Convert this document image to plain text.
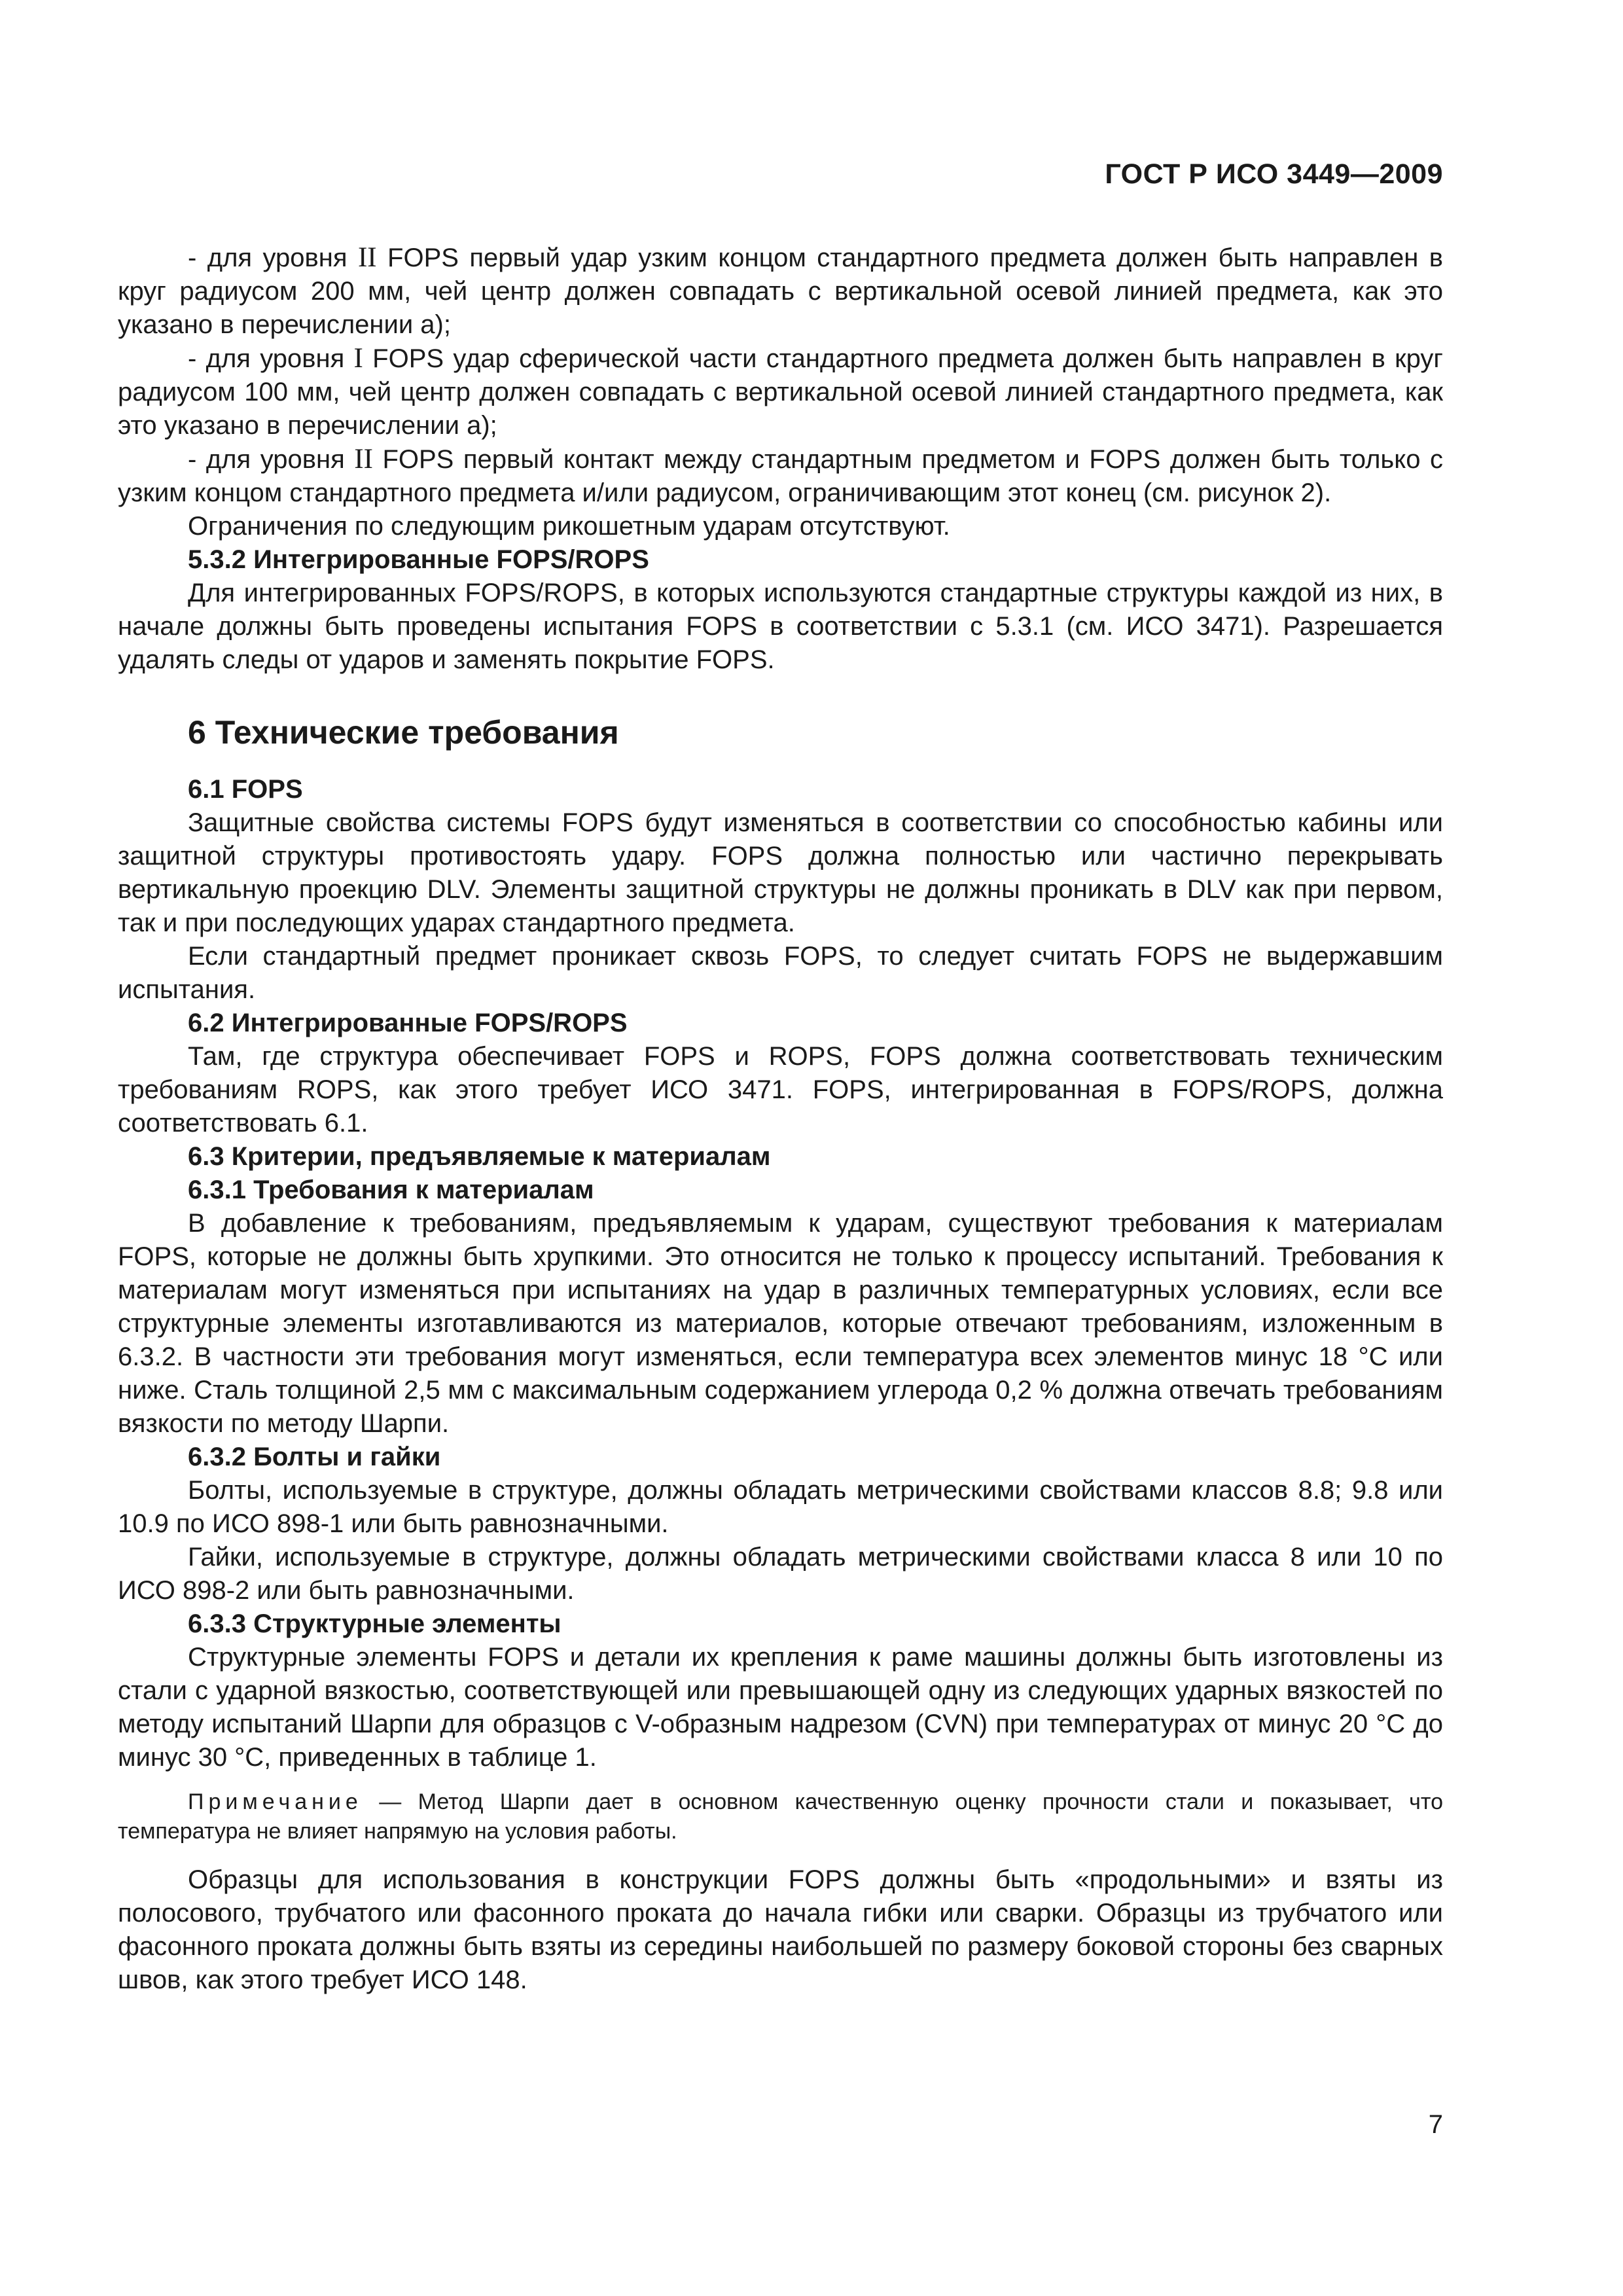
ГОСТ Р ИСО 3449—2009

- для уровня II FOPS первый удар узким концом стандартного предмета должен быть направлен в круг радиусом 200 мм, чей центр должен совпадать с вертикальной осевой линией предмета, как это указано в перечислении а);

- для уровня I FOPS удар сферической части стандартного предмета должен быть направлен в круг радиусом 100 мм, чей центр должен совпадать с вертикальной осевой линией стандартного предмета, как это указано в перечислении а);

- для уровня II FOPS первый контакт между стандартным предметом и FOPS должен быть только с узким концом стандартного предмета и/или радиусом, ограничивающим этот конец (см. рисунок 2).

Ограничения по следующим рикошетным ударам отсутствуют.

5.3.2 Интегрированные FOPS/ROPS

Для интегрированных FOPS/ROPS, в которых используются стандартные структуры каждой из них, в начале должны быть проведены испытания FOPS в соответствии с 5.3.1 (см. ИСО 3471). Разрешается удалять следы от ударов и заменять покрытие FOPS.

6 Технические требования
6.1 FOPS

Защитные свойства системы FOPS будут изменяться в соответствии со способностью кабины или защитной структуры противостоять удару. FOPS должна полностью или частично перекрывать вертикальную проекцию DLV. Элементы защитной структуры не должны проникать в DLV как при первом, так и при последующих ударах стандартного предмета.

Если стандартный предмет проникает сквозь FOPS, то следует считать FOPS не выдержавшим испытания.

6.2 Интегрированные FOPS/ROPS

Там, где структура обеспечивает FOPS и ROPS, FOPS должна соответствовать техническим требованиям ROPS, как этого требует ИСО 3471. FOPS, интегрированная в FOPS/ROPS, должна соответствовать 6.1.

6.3 Критерии, предъявляемые к материалам
6.3.1 Требования к материалам

В добавление к требованиям, предъявляемым к ударам, существуют требования к материалам FOPS, которые не должны быть хрупкими. Это относится не только к процессу испытаний. Требования к материалам могут изменяться при испытаниях на удар в различных температурных условиях, если все структурные элементы изготавливаются из материалов, которые отвечают требованиям, изложенным в 6.3.2. В частности эти требования могут изменяться, если температура всех элементов минус 18 °С или ниже. Сталь толщиной 2,5 мм с максимальным содержанием углерода 0,2 % должна отвечать требованиям вязкости по методу Шарпи.

6.3.2 Болты и гайки

Болты, используемые в структуре, должны обладать метрическими свойствами классов 8.8; 9.8 или 10.9 по ИСО 898-1 или быть равнозначными.

Гайки, используемые в структуре, должны обладать метрическими свойствами класса 8 или 10 по ИСО 898-2 или быть равнозначными.

6.3.3 Структурные элементы

Структурные элементы FOPS и детали их крепления к раме машины должны быть изготовлены из стали с ударной вязкостью, соответствующей или превышающей одну из следующих ударных вязкостей по методу испытаний Шарпи для образцов с V-образным надрезом (CVN) при температурах от минус 20 °С до минус 30 °С, приведенных в таблице 1.

Примечание — Метод Шарпи дает в основном качественную оценку прочности стали и показывает, что температура не влияет напрямую на условия работы.

Образцы для использования в конструкции FOPS должны быть «продольными» и взяты из полосового, трубчатого или фасонного проката до начала гибки или сварки. Образцы из трубчатого или фасонного проката должны быть взяты из середины наибольшей по размеру боковой стороны без сварных швов, как этого требует ИСО 148.

7
